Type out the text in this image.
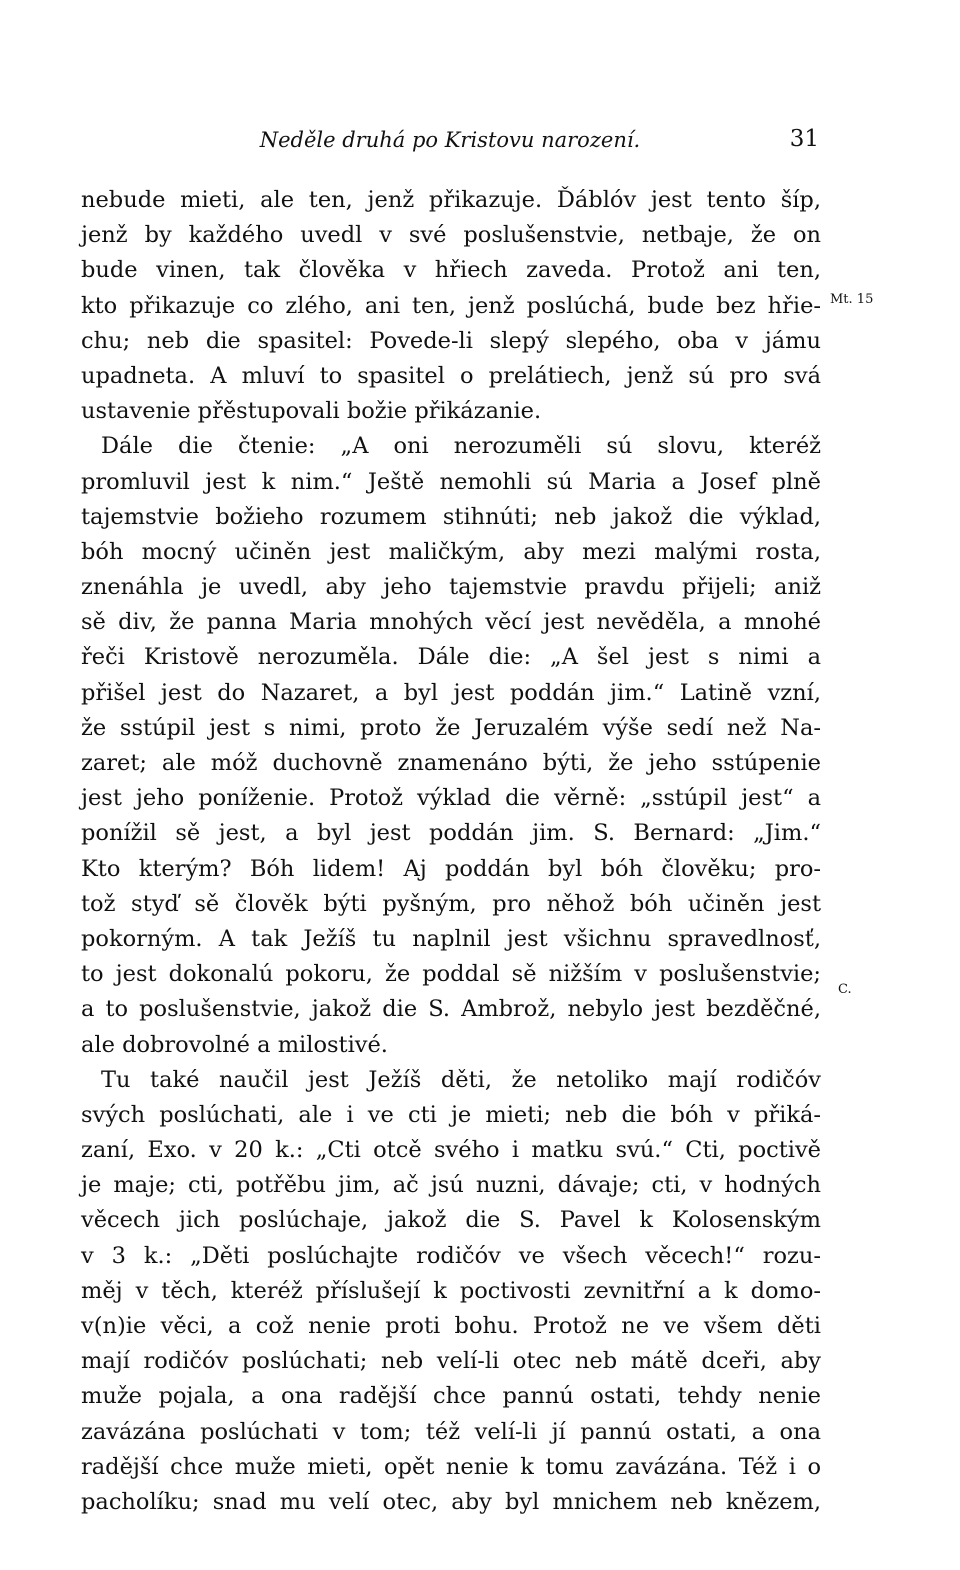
Neděle druhá po Kristovu narození.	31
Mt. 15
C.
nebude mieti, ale ten, jenž přikazuje. Ďáblóv jest tento šíp,
jenž by každého uvedl v své poslušenstvie, netbaje, že on
bude vinen, tak člověka v hřiech zaveda. Protož ani ten,
kto přikazuje co zlého, ani ten, jenž poslúchá, bude bez hřie-
chu; neb die spasitel: Povede-li slepý slepého, oba v jámu
upadneta. A mluví to spasitel o prelátiech, jenž sú pro svá
ustavenie přěstupovali božie přikázanie.
Dále die čtenie: „A oni nerozuměli sú slovu, kteréž
promluvil jest k nim.“ Ještě nemohli sú Maria a Josef plně
tajemstvie božieho rozumem stihnúti; neb jakož die výklad,
bóh mocný učiněn jest maličkým, aby mezi malými rosta,
znenáhla je uvedl, aby jeho tajemstvie pravdu přijeli; aniž
sě div, že panna Maria mnohých věcí jest nevěděla, a mnohé
řeči Kristově nerozuměla. Dále die: „A šel jest s nimi a
přišel jest do Nazaret, a byl jest poddán jim.“ Latině vzní,
že sstúpil jest s nimi, proto že Jeruzalém výše sedí než Na-
zaret; ale móž duchovně znamenáno býti, že jeho sstúpenie
jest jeho poníženie. Protož výklad die věrně: „sstúpil jest“ a
ponížil sě jest, a byl jest poddán jim. S. Bernard: „Jim.“
Kto kterým? Bóh lidem! Aj poddán byl bóh člověku; pro-
tož styď sě člověk býti pyšným, pro něhož bóh učiněn jest
pokorným. A tak Ježíš tu naplnil jest všichnu spravedlnosť,
to jest dokonalú pokoru, že poddal sě nižším v poslušenstvie;
a to poslušenstvie, jakož die S. Ambrož, nebylo jest bezděčné,
ale dobrovolné a milostivé.
Tu také naučil jest Ježíš děti, že netoliko mají rodičóv
svých poslúchati, ale i ve cti je mieti; neb die bóh v přiká-
zaní, Exo. v 20 k.: „Cti otcě svého i matku svú.“ Cti, poctivě
je maje; cti, potřěbu jim, ač jsú nuzni, dávaje; cti, v hodných
věcech jich poslúchaje, jakož die S. Pavel k Kolosenským
v 3 k.: „Děti poslúchajte rodičóv ve všech věcech!“ rozu-
měj v těch, kteréž příslušejí k poctivosti zevnitřní a k domo-
v(n)ie věci, a což nenie proti bohu. Protož ne ve všem děti
mají rodičóv poslúchati; neb velí-li otec neb mátě dceři, aby
muže pojala, a ona radější chce pannú ostati, tehdy nenie
zavázána poslúchati v tom; též velí-li jí pannú ostati, a ona
radější chce muže mieti, opět nenie k tomu zavázána. Též i o
pacholíku; snad mu velí otec, aby byl mnichem neb knězem,
